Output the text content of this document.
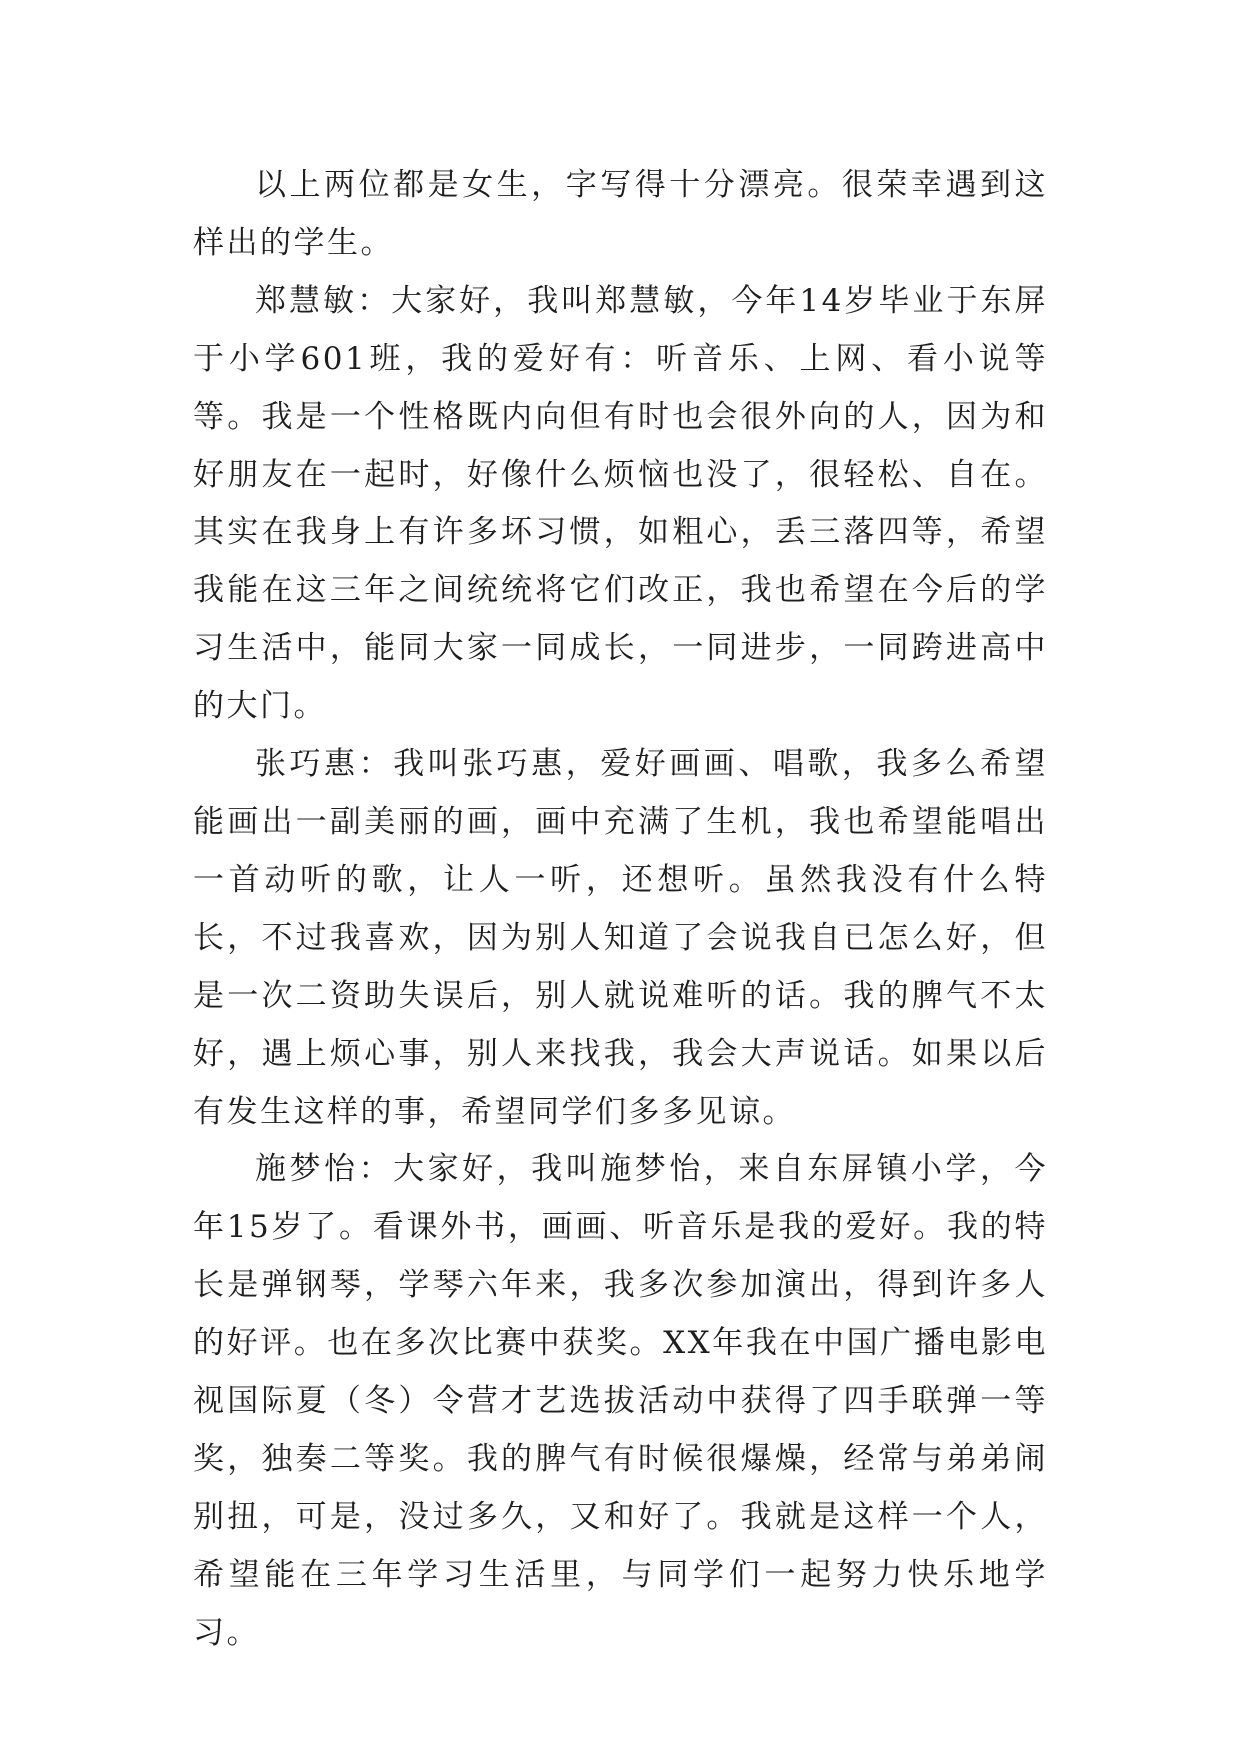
以上两位都是女生，字写得十分漂亮。很荣幸遇到这样出的学生。

郑慧敏：大家好，我叫郑慧敏，今年14岁毕业于东屏于小学601班，我的爱好有：听音乐、上网、看小说等等。我是一个性格既内向但有时也会很外向的人，因为和好朋友在一起时，好像什么烦恼也没了，很轻松、自在。其实在我身上有许多坏习惯，如粗心，丢三落四等，希望我能在这三年之间统统将它们改正，我也希望在今后的学习生活中，能同大家一同成长，一同进步，一同跨进高中的大门。

张巧惠：我叫张巧惠，爱好画画、唱歌，我多么希望能画出一副美丽的画，画中充满了生机，我也希望能唱出一首动听的歌，让人一听，还想听。虽然我没有什么特长，不过我喜欢，因为别人知道了会说我自已怎么好，但是一次二资助失误后，别人就说难听的话。我的脾气不太好，遇上烦心事，别人来找我，我会大声说话。如果以后有发生这样的事，希望同学们多多见谅。

施梦怡：大家好，我叫施梦怡，来自东屏镇小学，今年15岁了。看课外书，画画、听音乐是我的爱好。我的特长是弹钢琴，学琴六年来，我多次参加演出，得到许多人的好评。也在多次比赛中获奖。XX年我在中国广播电影电视国际夏（冬）令营才艺选拔活动中获得了四手联弹一等奖，独奏二等奖。我的脾气有时候很爆燥，经常与弟弟闹别扭，可是，没过多久，又和好了。我就是这样一个人，希望能在三年学习生活里，与同学们一起努力快乐地学习。
